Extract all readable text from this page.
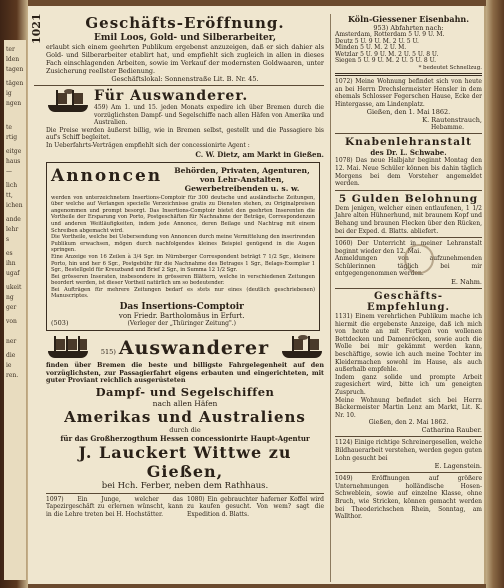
ter
lden
tagen
tägen
ig
ngen

te
rtig
eitge
haus
—
lich
tt,
ichen
ande
lehr
s
es
ihn
ugaf
ukeit
ng
ger
von

ner
die
ie
ren.
1021	Geschäfts-Eröffnung.
Emil Loos, Gold- und Silberarbeiter,
erlaubt sich einem geehrten Publikum ergebenst anzuzeigen, daß er sich dahier als Gold- und Silberarbeiter etablirt hat, und empfiehlt sich zugleich in allen in dieses Fach einschlagenden Arbeiten, sowie im Verkauf der modernsten Goldwaaren, unter Zusicherung reellster Bedienung.
Geschäftslokal: Sonnenstraße Lit. B. Nr. 45.
Für Auswanderer.
459) Am 1. und 15. jeden Monats expedire ich über Bremen durch die vorzüglichsten Dampf- und Segelschiffe nach allen Häfen von Amerika und Australien.
Die Preise werden äußerst billig, wie in Bremen selbst, gestellt und die Passagiere bis auf's Schiff begleitet.
In Ueberfahrts-Verträgen empfiehlt sich der concessionirte Agent :
C. W. Dietz, am Markt in Gießen.
Annoncen	Behörden, Privaten, Agenturen, von Lehr-Anstalten, Gewerbetreibenden u. s. w.
werden von unterzeichnetem Insertions-Comptoir für 300 deutsche und ausländische Zeitungen, über welche auf Verlangen specielle Verzeichnisse gratis zu Diensten stehen, zu Originalpreisen angenommen und prompt besorgt. Das Insertions-Comptoir bietet den geehrten Inserenten die Vortheile der Ersparung von Porto, Postgeschäften für Nachnahme der Beträge, Correspondenzen und anderen Weitläufigkeiten, indem jede Annonce, deren Beilage und Nachtrag mit einem Schreiben abgemacht wird.
Die Vortheile, welche bei Uebersendung von Annoncen durch meine Vermittelung den inserirenden Publikum erwachsen, mögen durch nachfolgendes kleines Beispiel genügend in die Augen springen.
Eine Anzeige von 16 Zeilen à 3/4 Sgr. im Nürnberger Correspondent beträgt 7 1/2 Sgr., kleinere Porto, hin und her 6 Sgr., Postgebühr für die Nachnahme des Betrages 1 Sgr., Belags-Exemplar 1 Sgr., Bestellgeld für Kreuzband und Brief 2 Sgr., in Summa 12 1/2 Sgr.
Bei grösseren Inseraten, insbesondere in grösseren Blättern, welche in verschiedenen Zeitungen beordert werden, ist dieser Vortheil natürlich um so bedeutender.
Bei Aufträgen für mehrere Zeitungen bedarf es stets nur eines (deutlich geschriebenen) Manuscriptes.
(503)
Das Insertions-Comptoir
von Friedr. Bartholomäus in Erfurt.
(Verleger der „Thüringer Zeitung".)
515) Auswanderer
finden über Bremen die beste und billigste Fahrgelegenheit auf den vorzüglichsten, zur Passagierfahrt eigens erbauten und eingerichteten, mit guter Proviant reichlich ausgerüsteten
Dampf- und Segelschiffen
nach allen Häfen
Amerikas und Australiens
durch die
für das Großherzogthum Hessen concessionirte Haupt-Agentur
J. Lauckert Wittwe zu Gießen,
bei Hch. Ferber, neben dem Rathhaus.
1097) Ein Junge, welcher das Tapezirgeschäft zu erlernen wünscht, kann in die Lehre treten bei H. Hochstätter.
1080) Ein gebrauchter haferner Koffel wird zu kaufen gesucht. Von wem? sagt die Expedition d. Blatts.
Köln-Giessener Eisenbahn.
953) Abfahrten nach:
Amsterdam, Rotterdam 5 U. 9 U. M.
Deutz 5 U. 9 U. M. 2 U. 5 U.
Minden 5 U. M. 2 U. M.
Wetzlar 5 U. 9 U. M. 2 U. 5 U. 8 U.
Siegen 5 U. 9 U. M. 2 U. 5 U. 8 U.
* bedeutet Schnellzug.
1072) Meine Wohnung befindet sich von heute an bei Herrn Drechslermeister Hensler in dem ehemals Schlosser Fegerschen Hause, Ecke der Hintergasse, am Lindenplatz.
Gießen, den 1. Mai 1862.
K. Rautenstrauch,
Hebamme.
Knabenlehranstalt
des Dr. L. Schwabe.
1078) Das neue Halbjahr beginnt Montag den 12. Mai. Neue Schüler können bis dahin täglich Morgens bei dem Vorsteher angemeldet werden.
5 Gulden Belohnung
Dem jenigen, welcher einen entlaufenen, 1 1/2 Jahre alten Hühnerhund, mit braunem Kopf und Behang und braunen Flecken über den Rücken, bei der Exped. d. Blatts. abliefert.
1060) Der Unterricht in meiner Lehranstalt beginnt wieder den 12. Mai.
Anmeldungen von aufzunehmenden Schülerinnen täglich bei mir entgegengenommen werden.
E. Nahm.
Geschäfts-Empfehlung.
1131) Einem verehrlichen Publikum mache ich hiermit die ergebenste Anzeige, daß ich mich von heute an mit Fertigen von wollenen Bettdecken und Damenröcken, sowie auch die Wolle bei mir gekämmt werden kann, beschäftige, sowie ich auch meine Tochter im Kleidermachen sowohl im Hause, als auch außerhalb empfehle.
Indem ganz solide und prompte Arbeit zugesichert wird, bitte ich um geneigten Zuspruch.
Meine Wohnung befindet sich bei Herrn Bäckermeister Martin Lenz am Markt, Lit. K. Nr. 10.
Gießen, den 2. Mai 1862.
Catharina Rauber.
1124) Einige richtige Schreinergesellen, welche Bildhauerarbeit verstehen, werden gegen guten Lohn gesucht bei
E. Lagenstein.
1049) Eröffnungen auf größere Unternehmungen holländische Hosen-Schweblein, sowie auf einzelne Klasse, ohne Bruch, wie Stricken, können gemacht werden bei Theoderichschen Rhein, Sonntag, am Wallthor.
